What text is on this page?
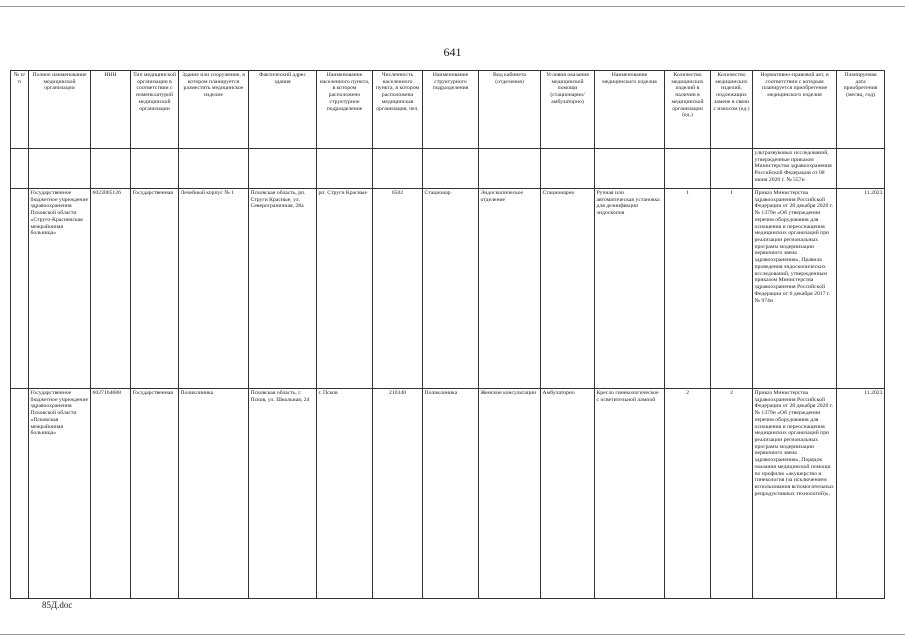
641
№ п/п	Полное наименование медицинской организации	ИНН	Тип медицинской организации в соответствии с номенклатурой медицинской организации	Здание или сооружение, в котором планируется разместить медицинское изделие	Фактический адрес здания	Наименование населенного пункта, в котором расположено структурное подразделение	Численность населенного пункта, в котором расположена медицинская организация, чел.	Наименование структурного подразделения	Вид кабинета (отделения)	Условия оказания медицинской помощи (стационарно/амбулаторно)	Наименование медицинского изделия	Количество медицинских изделий в наличии в медицинской организации (ед.)	Количество медицинских изделий, подлежащих замене в связи с износом (ед.)	Нормативно-правовой акт, в соответствии с которым планируется приобретение медицинского изделия	Планируемая дата приобретения (месяц, год)
														ультразвуковых исследований, утвержденные приказом Министерства здравоохранения Российской Федерации от 08 июня 2020 г. № 557н	
	Государственное бюджетное учреждение здравоохранения Псковской области «Струго-Красненская межрайонная больница»	6023005126	Государственная	Лечебный корпус № 1	Псковская область, рп. Струги Красные, ул. Северограничная, 28а	рп. Струги Красные	6502	Стационар	Эндоскопическое отделение	Стационарно	Ручная или автоматическая установка для дезинфекции эндоскопов	1	1	Приказ Министерства здравоохранения Российской Федерации от 28 декабря 2020 г. № 1379н «Об утверждении перечня оборудования для оснащения и переоснащения медицинских организаций при реализации региональных программ модернизации первичного звена здравоохранения», Правила проведения эндоскопических исследований, утвержденным приказом Министерства здравоохранения Российской Федерации от 6 декабря 2017 г. № 974н	11.2023
	Государственное бюджетное учреждение здравоохранения Псковской области «Псковская межрайонная больница»	6027164688	Государственная	Поликлиника	Псковская область, г. Псков, ул. Школьная, 24	г. Псков	210340	Поликлиника	Женские консультации	Амбулаторно	Кресло гинекологическое с осветительной лампой	2	2	Приказ Министерства здравоохранения Российской Федерации от 28 декабря 2020 г. № 1379н «Об утверждении перечня оборудования для оснащения и переоснащения медицинских организаций при реализации региональных программ модернизации первичного звена здравоохранения», Порядок оказания медицинской помощи по профилю «акушерство и гинекология (за исключением использования вспомогательных репродуктивных технологий)»,	11.2023
85Д.doc
